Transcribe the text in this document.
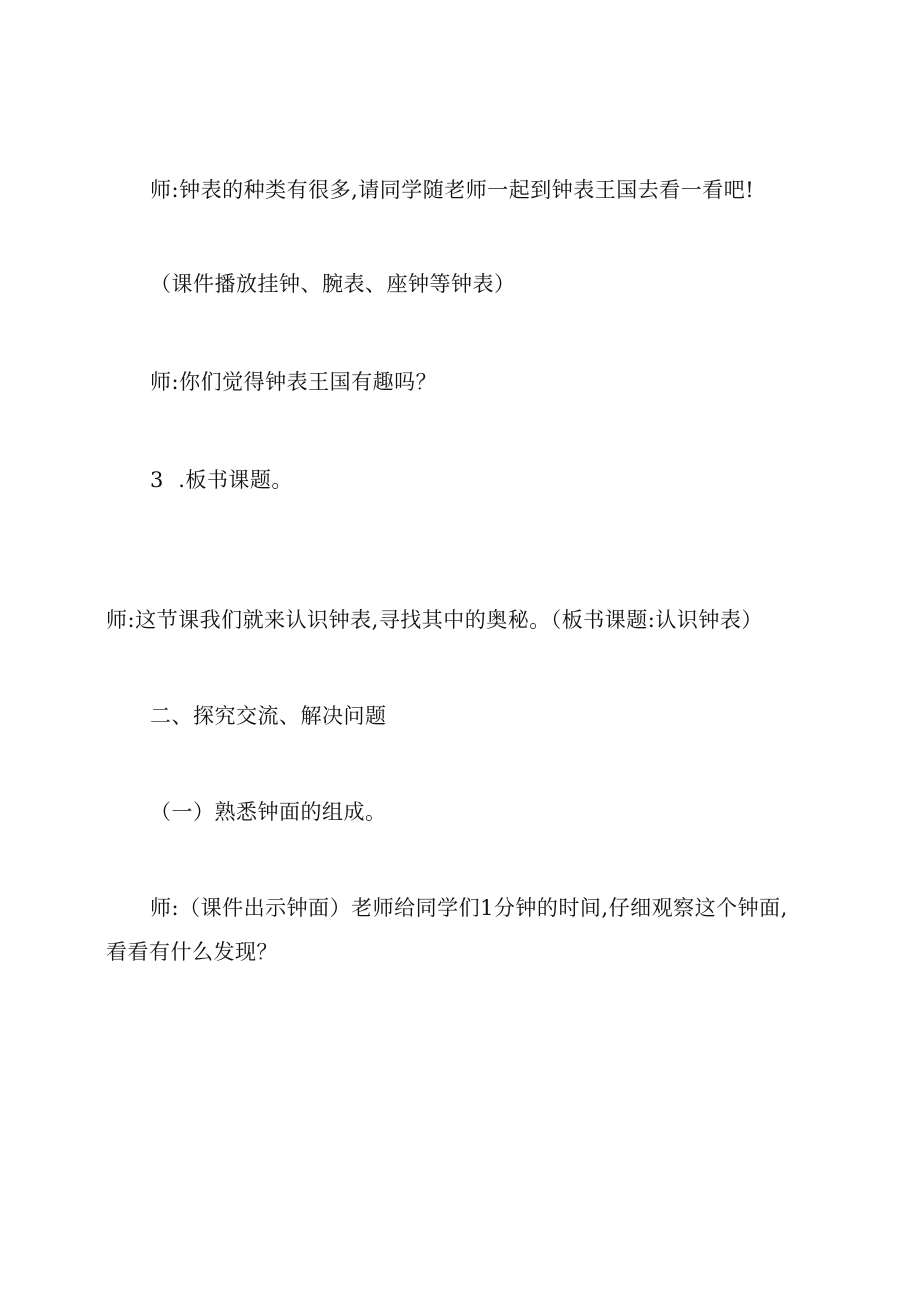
师:钟表的种类有很多,请同学随老师一起到钟表王国去看一看吧!

（课件播放挂钟、腕表、座钟等钟表）

师:你们觉得钟表王国有趣吗？

3  .板书课题。

师:这节课我们就来认识钟表,寻找其中的奥秘。（板书课题:认识钟表）

二、探究交流、解决问题

（一）熟悉钟面的组成。

师:（课件出示钟面）老师给同学们1分钟的时间,仔细观察这个钟面,看看有什么发现？
